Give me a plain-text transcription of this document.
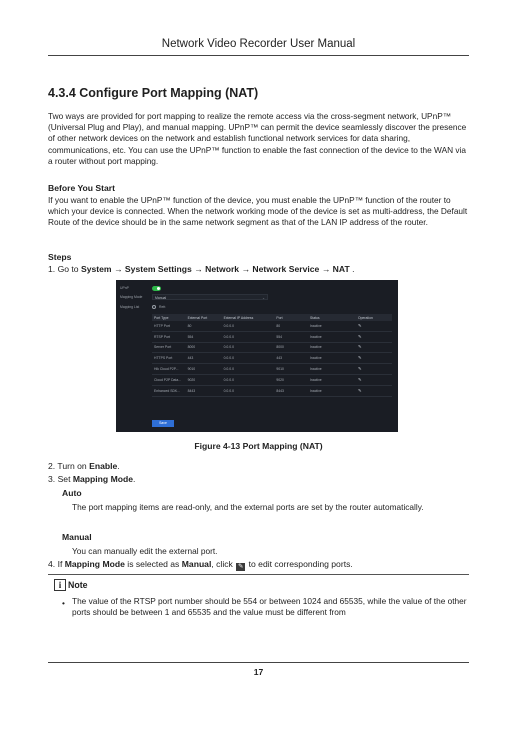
Network Video Recorder User Manual
4.3.4 Configure Port Mapping (NAT)

Two ways are provided for port mapping to realize the remote access via the cross-segment network, UPnP™ (Universal Plug and Play), and manual mapping. UPnP™ can permit the device seamlessly discover the presence of other network devices on the network and establish functional network services for data sharing, communications, etc. You can use the UPnP™ function to enable the fast connection of the device to the WAN via a router without port mapping.

Before You Start

If you want to enable the UPnP™ function of the device, you must enable the UPnP™ function of the router to which your device is connected. When the network working mode of the device is set as multi-address, the Default Route of the device should be in the same network segment as that of the LAN IP address of the router.

Steps
1. Go to System → System Settings → Network → Network Service → NAT .
UPnP
Mapping Mode	Manual	⌄
Mapping List	Refr.
Port Type	External Port	External IP Address	Port	Status	Operation
HTTP Port	80	0.0.0.0	80	Inactive	✎
RTSP Port	554	0.0.0.0	554	Inactive	✎
Server Port	8000	0.0.0.0	8000	Inactive	✎
HTTPS Port	443	0.0.0.0	443	Inactive	✎
Hik Cloud P2P...	9010	0.0.0.0	9010	Inactive	✎
Cloud P2P Data...	9020	0.0.0.0	9020	Inactive	✎
Enhanced SDK...	8443	0.0.0.0	8443	Inactive	✎
Save
Figure 4-13 Port Mapping (NAT)
2. Turn on Enable.
3. Set Mapping Mode.
Auto

The port mapping items are read-only, and the external ports are set by the router automatically.

Manual

You can manually edit the external port.

4. If Mapping Mode is selected as Manual, click ✎ to edit corresponding ports.
i Note
• The value of the RTSP port number should be 554 or between 1024 and 65535, while the value of the other ports should be between 1 and 65535 and the value must be different from

17
